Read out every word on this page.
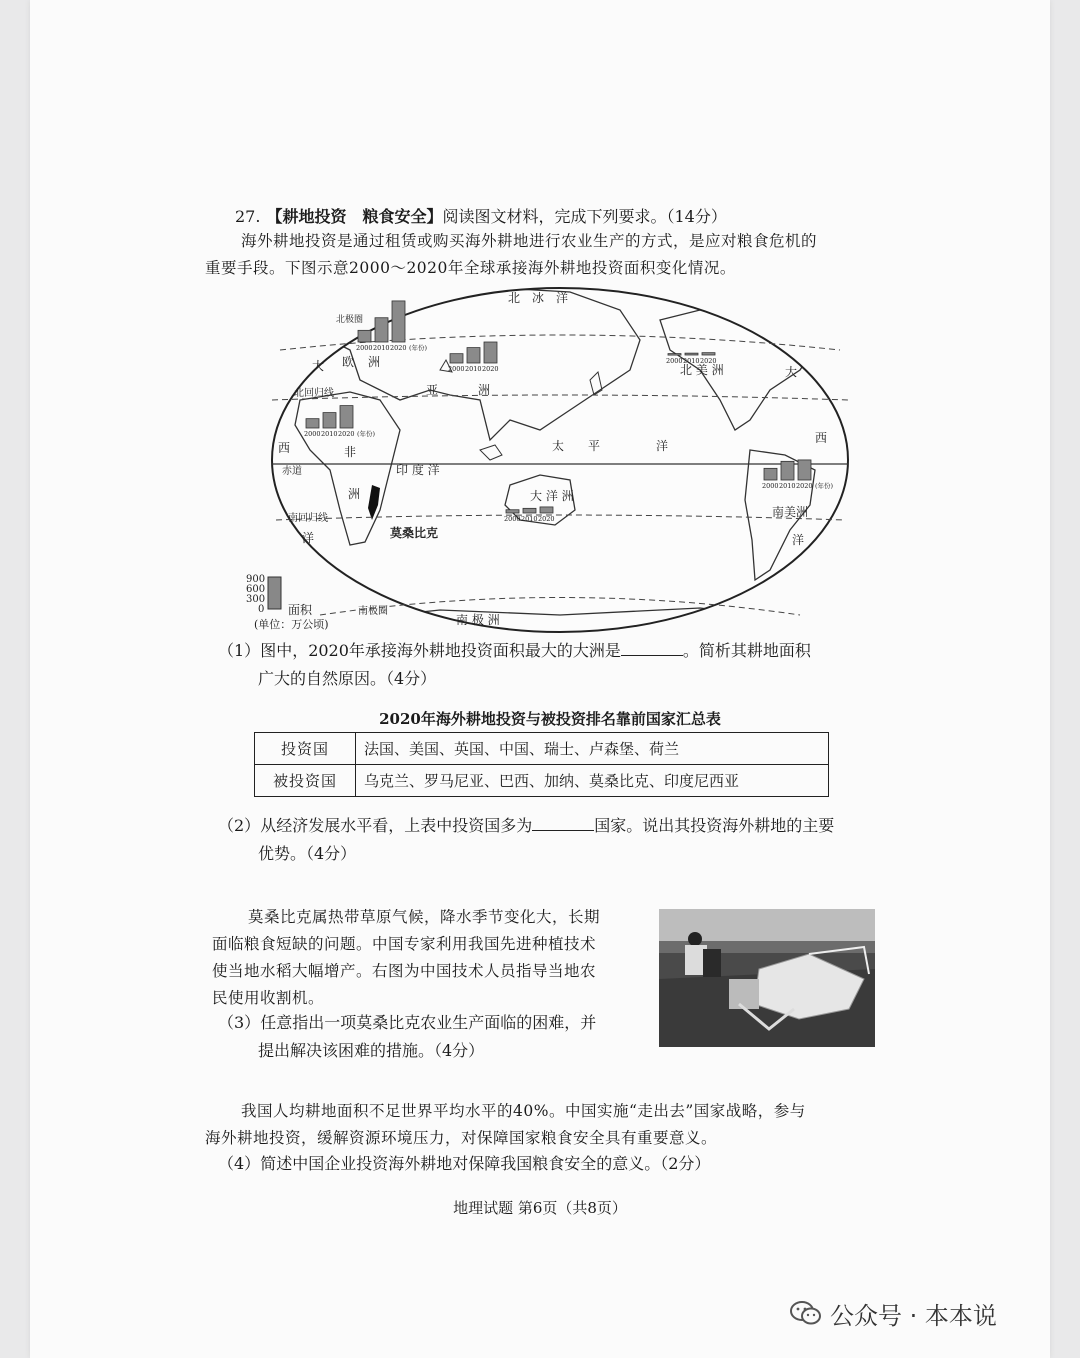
27. 【耕地投资　粮食安全】阅读图文材料，完成下列要求。（14分）
海外耕地投资是通过租赁或购买海外耕地进行农业生产的方式，是应对粮食危机的
重要手段。下图示意2000～2020年全球承接海外耕地投资面积变化情况。
北　冰　洋
北极圈
大 欧 洲
亚	洲
北 美 洲	大
北回归线
西	非	太　　平	洋
西
赤道	印 度 洋
洲	大 洋 洲
南回归线
莫桑比克
南美洲
洋	洋
南极圈
南 极 洲
2000 2010 2020 (年份)
2000 2010 2020
2000 2010 2020
2000 2010 2020 (年份)
2000 2010 2020
2000 2010 2020 (年份)
900
600
300
0 面积
(单位：万公顷)
（1）图中，2020年承接海外耕地投资面积最大的大洲是	。简析其耕地面积
广大的自然原因。（4分）
2020年海外耕地投资与被投资排名靠前国家汇总表
投资国	法国、美国、英国、中国、瑞士、卢森堡、荷兰
被投资国	乌克兰、罗马尼亚、巴西、加纳、莫桑比克、印度尼西亚
（2）从经济发展水平看，上表中投资国多为	国家。说出其投资海外耕地的主要
优势。（4分）
莫桑比克属热带草原气候，降水季节变化大，长期
面临粮食短缺的问题。中国专家利用我国先进种植技术
使当地水稻大幅增产。右图为中国技术人员指导当地农
民使用收割机。
（3）任意指出一项莫桑比克农业生产面临的困难，并
提出解决该困难的措施。（4分）
我国人均耕地面积不足世界平均水平的40%。中国实施“走出去”国家战略，参与
海外耕地投资，缓解资源环境压力，对保障国家粮食安全具有重要意义。
（4）简述中国企业投资海外耕地对保障我国粮食安全的意义。（2分）
地理试题 第6页（共8页）
公众号 · 本本说
